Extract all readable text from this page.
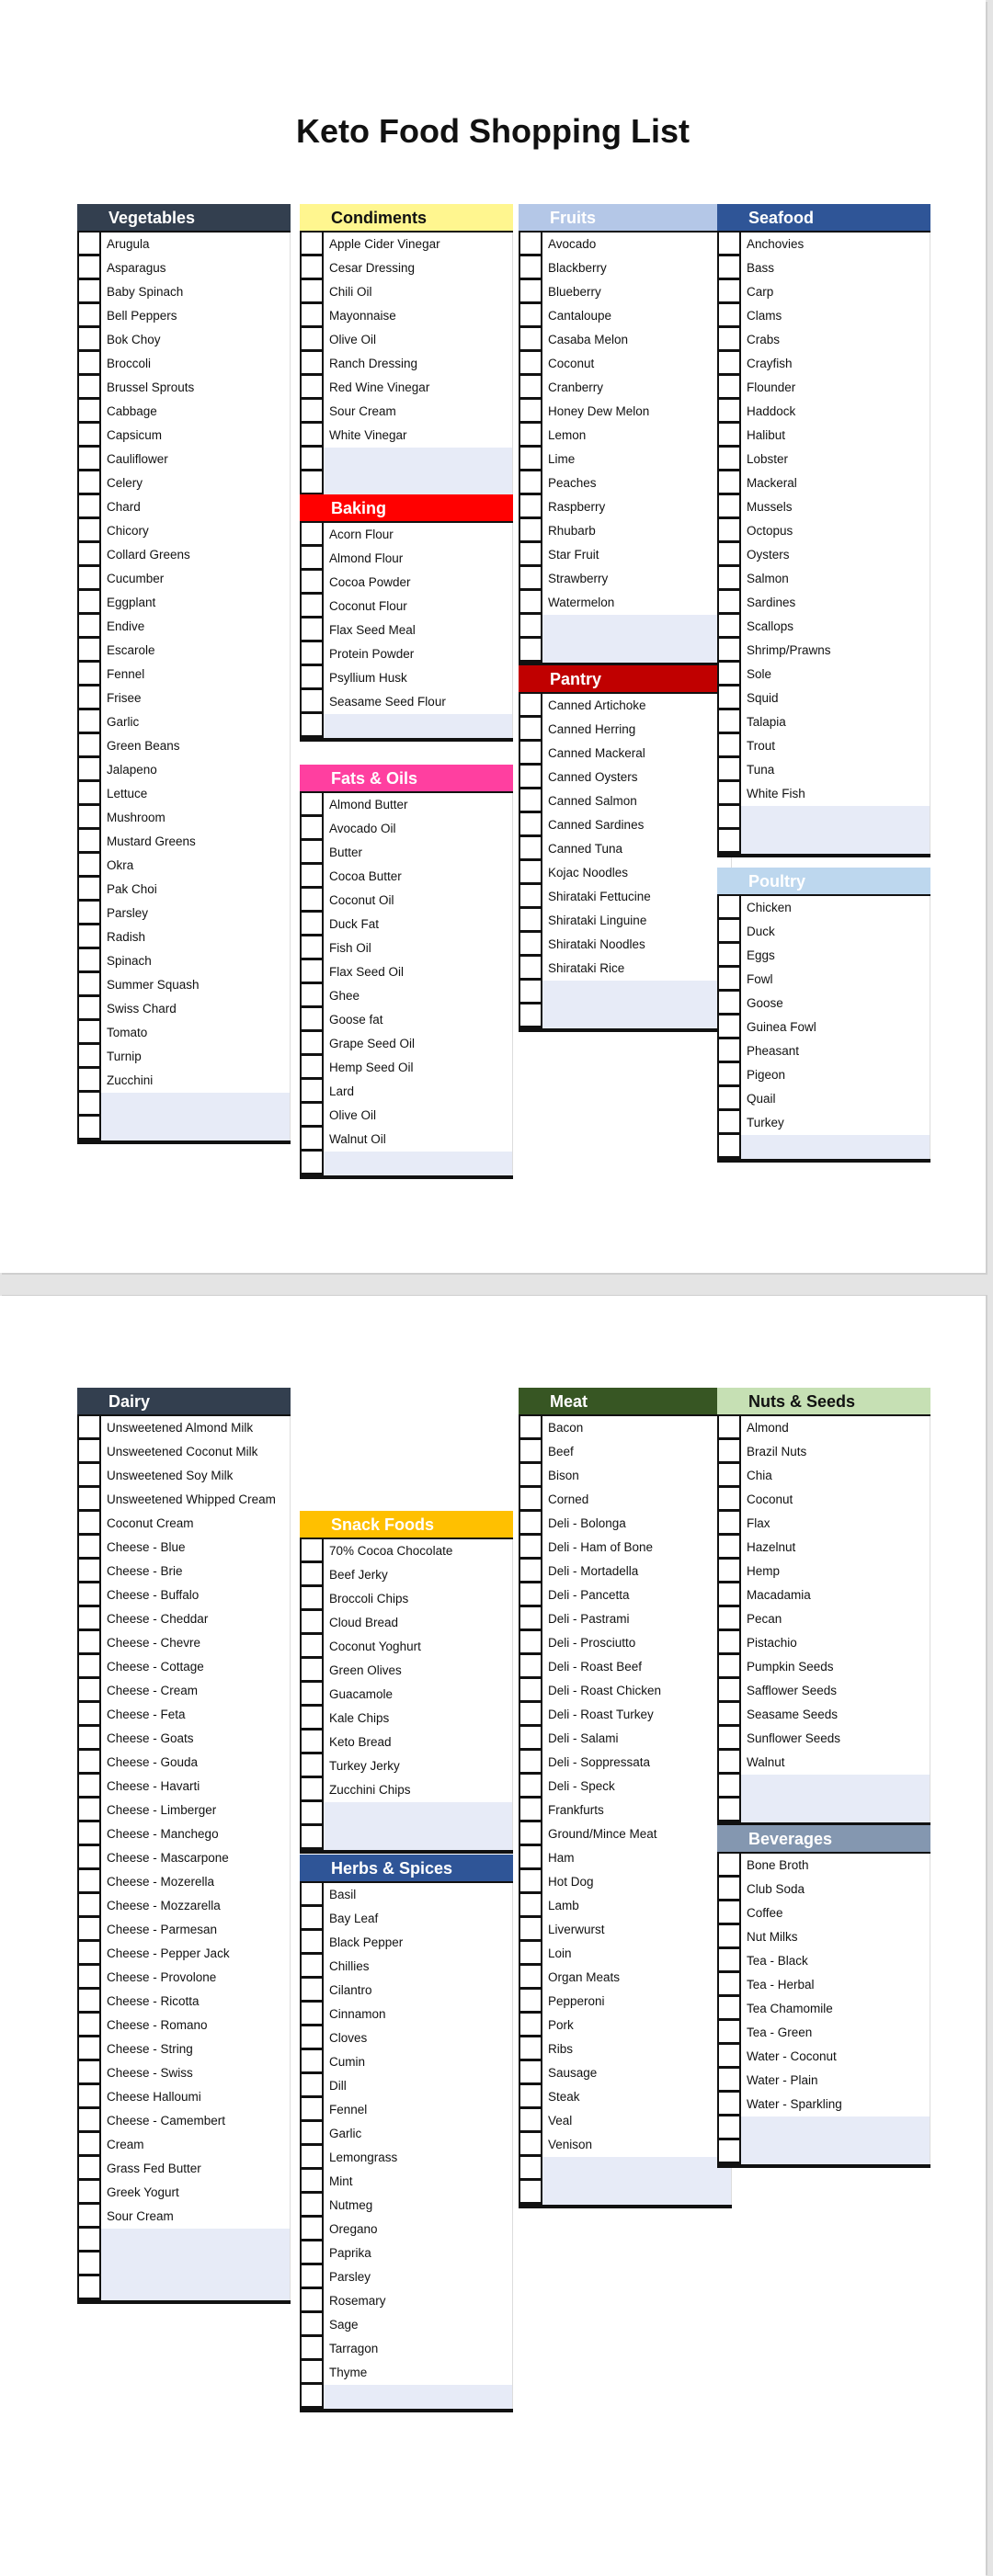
Keto Food Shopping List
Vegetables
Arugula
Asparagus
Baby Spinach
Bell Peppers
Bok Choy
Broccoli
Brussel Sprouts
Cabbage
Capsicum
Cauliflower
Celery
Chard
Chicory
Collard Greens
Cucumber
Eggplant
Endive
Escarole
Fennel
Frisee
Garlic
Green Beans
Jalapeno
Lettuce
Mushroom
Mustard Greens
Okra
Pak Choi
Parsley
Radish
Spinach
Summer Squash
Swiss Chard
Tomato
Turnip
Zucchini
Condiments
Apple Cider Vinegar
Cesar Dressing
Chili Oil
Mayonnaise
Olive Oil
Ranch Dressing
Red Wine Vinegar
Sour Cream
White Vinegar
Baking
Acorn Flour
Almond Flour
Cocoa Powder
Coconut Flour
Flax Seed Meal
Protein Powder
Psyllium Husk
Seasame Seed Flour
Fats & Oils
Almond Butter
Avocado Oil
Butter
Cocoa Butter
Coconut Oil
Duck Fat
Fish Oil
Flax Seed Oil
Ghee
Goose fat
Grape Seed Oil
Hemp Seed Oil
Lard
Olive Oil
Walnut Oil
Fruits
Avocado
Blackberry
Blueberry
Cantaloupe
Casaba Melon
Coconut
Cranberry
Honey Dew Melon
Lemon
Lime
Peaches
Raspberry
Rhubarb
Star Fruit
Strawberry
Watermelon
Pantry
Canned Artichoke
Canned Herring
Canned Mackeral
Canned Oysters
Canned Salmon
Canned Sardines
Canned Tuna
Kojac Noodles
Shirataki Fettucine
Shirataki Linguine
Shirataki Noodles
Shirataki Rice
Seafood
Anchovies
Bass
Carp
Clams
Crabs
Crayfish
Flounder
Haddock
Halibut
Lobster
Mackeral
Mussels
Octopus
Oysters
Salmon
Sardines
Scallops
Shrimp/Prawns
Sole
Squid
Talapia
Trout
Tuna
White Fish
Poultry
Chicken
Duck
Eggs
Fowl
Goose
Guinea Fowl
Pheasant
Pigeon
Quail
Turkey
Dairy
Unsweetened Almond Milk
Unsweetened Coconut Milk
Unsweetened Soy Milk
Unsweetened Whipped Cream
Coconut Cream
Cheese - Blue
Cheese - Brie
Cheese - Buffalo
Cheese - Cheddar
Cheese - Chevre
Cheese - Cottage
Cheese - Cream
Cheese - Feta
Cheese - Goats
Cheese - Gouda
Cheese - Havarti
Cheese - Limberger
Cheese - Manchego
Cheese - Mascarpone
Cheese - Mozerella
Cheese - Mozzarella
Cheese - Parmesan
Cheese - Pepper Jack
Cheese - Provolone
Cheese - Ricotta
Cheese - Romano
Cheese - String
Cheese - Swiss
Cheese Halloumi
Cheese - Camembert
Cream
Grass Fed Butter
Greek Yogurt
Sour Cream
Snack Foods
70% Cocoa Chocolate
Beef Jerky
Broccoli Chips
Cloud Bread
Coconut Yoghurt
Green Olives
Guacamole
Kale Chips
Keto Bread
Turkey Jerky
Zucchini Chips
Herbs & Spices
Basil
Bay Leaf
Black Pepper
Chillies
Cilantro
Cinnamon
Cloves
Cumin
Dill
Fennel
Garlic
Lemongrass
Mint
Nutmeg
Oregano
Paprika
Parsley
Rosemary
Sage
Tarragon
Thyme
Meat
Bacon
Beef
Bison
Corned
Deli - Bolonga
Deli - Ham of Bone
Deli - Mortadella
Deli - Pancetta
Deli - Pastrami
Deli - Prosciutto
Deli - Roast Beef
Deli - Roast Chicken
Deli - Roast Turkey
Deli - Salami
Deli - Soppressata
Deli - Speck
Frankfurts
Ground/Mince Meat
Ham
Hot Dog
Lamb
Liverwurst
Loin
Organ Meats
Pepperoni
Pork
Ribs
Sausage
Steak
Veal
Venison
Nuts & Seeds
Almond
Brazil Nuts
Chia
Coconut
Flax
Hazelnut
Hemp
Macadamia
Pecan
Pistachio
Pumpkin Seeds
Safflower Seeds
Seasame Seeds
Sunflower Seeds
Walnut
Beverages
Bone Broth
Club Soda
Coffee
Nut Milks
Tea - Black
Tea - Herbal
Tea Chamomile
Tea - Green
Water - Coconut
Water - Plain
Water - Sparkling
